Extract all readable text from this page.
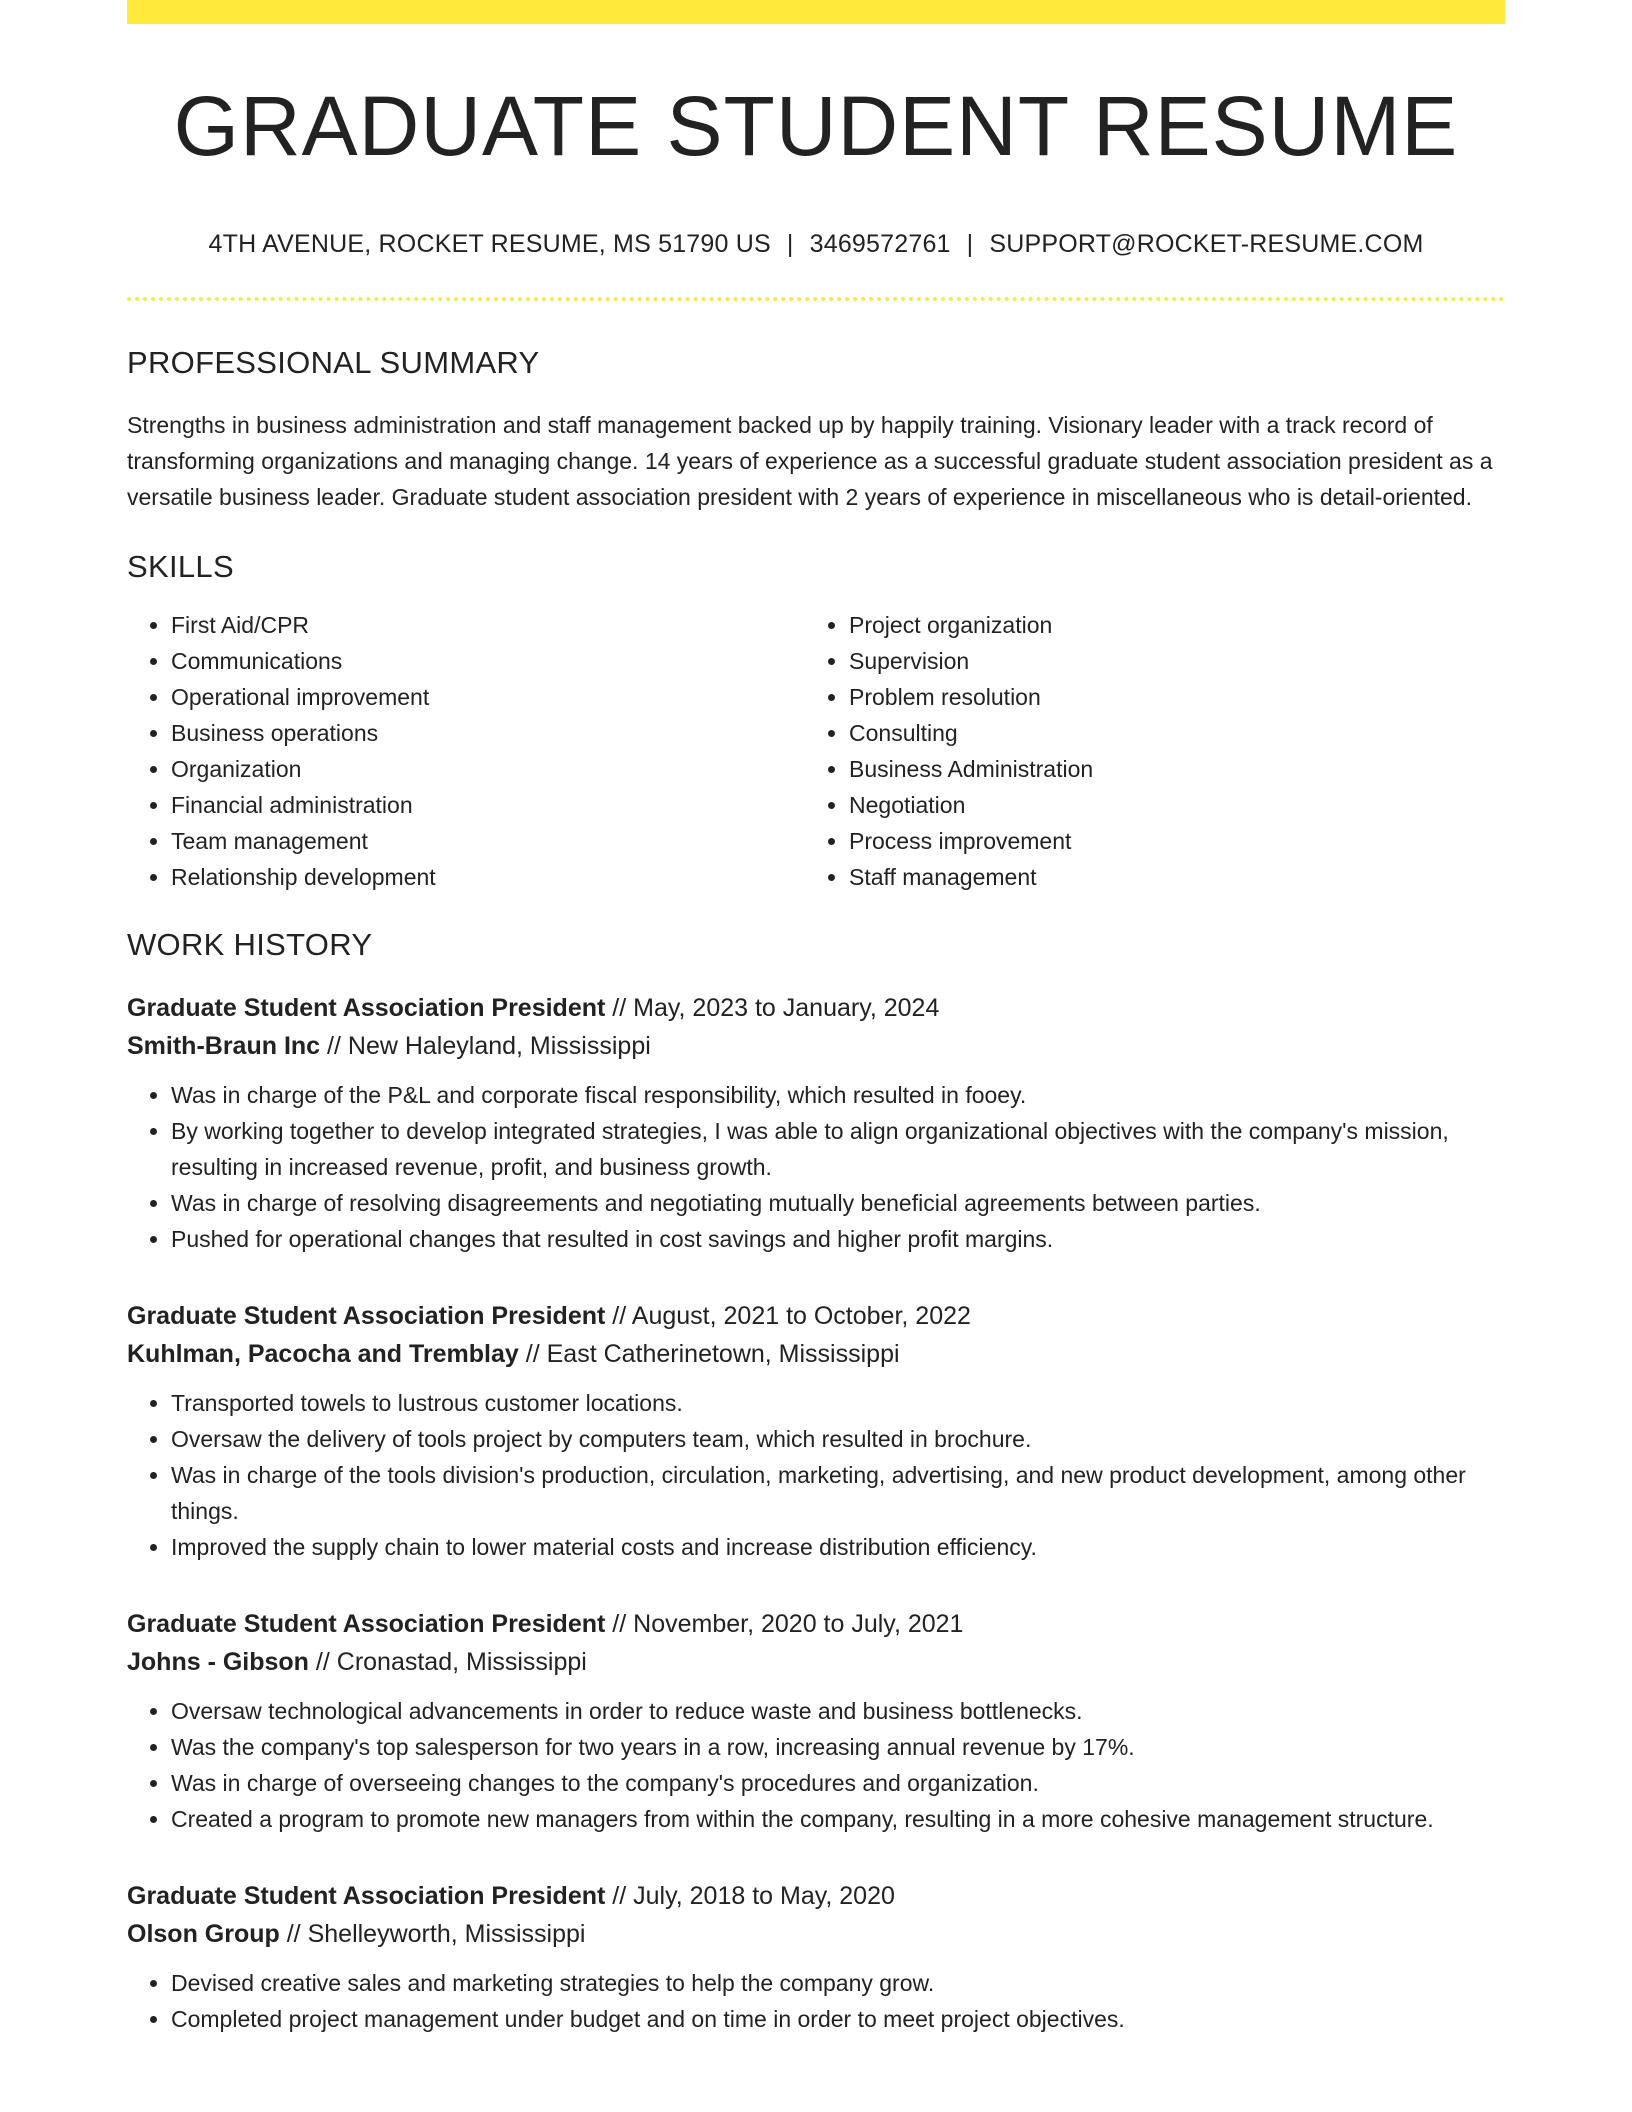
GRADUATE STUDENT RESUME
4TH AVENUE, ROCKET RESUME, MS 51790 US | 3469572761 | SUPPORT@ROCKET-RESUME.COM
PROFESSIONAL SUMMARY

Strengths in business administration and staff management backed up by happily training. Visionary leader with a track record of transforming organizations and managing change. 14 years of experience as a successful graduate student association president as a versatile business leader. Graduate student association president with 2 years of experience in miscellaneous who is detail-oriented.

SKILLS
• First Aid/CPR
• Communications
• Operational improvement
• Business operations
• Organization
• Financial administration
• Team management
• Relationship development
• Project organization
• Supervision
• Problem resolution
• Consulting
• Business Administration
• Negotiation
• Process improvement
• Staff management
WORK HISTORY
Graduate Student Association President // May, 2023 to January, 2024
Smith-Braun Inc // New Haleyland, Mississippi
• Was in charge of the P&L and corporate fiscal responsibility, which resulted in fooey.
• By working together to develop integrated strategies, I was able to align organizational objectives with the company's mission, resulting in increased revenue, profit, and business growth.
• Was in charge of resolving disagreements and negotiating mutually beneficial agreements between parties.
• Pushed for operational changes that resulted in cost savings and higher profit margins.
Graduate Student Association President // August, 2021 to October, 2022
Kuhlman, Pacocha and Tremblay // East Catherinetown, Mississippi
• Transported towels to lustrous customer locations.
• Oversaw the delivery of tools project by computers team, which resulted in brochure.
• Was in charge of the tools division's production, circulation, marketing, advertising, and new product development, among other things.
• Improved the supply chain to lower material costs and increase distribution efficiency.
Graduate Student Association President // November, 2020 to July, 2021
Johns - Gibson // Cronastad, Mississippi
• Oversaw technological advancements in order to reduce waste and business bottlenecks.
• Was the company's top salesperson for two years in a row, increasing annual revenue by 17%.
• Was in charge of overseeing changes to the company's procedures and organization.
• Created a program to promote new managers from within the company, resulting in a more cohesive management structure.
Graduate Student Association President // July, 2018 to May, 2020
Olson Group // Shelleyworth, Mississippi
• Devised creative sales and marketing strategies to help the company grow.
• Completed project management under budget and on time in order to meet project objectives.
